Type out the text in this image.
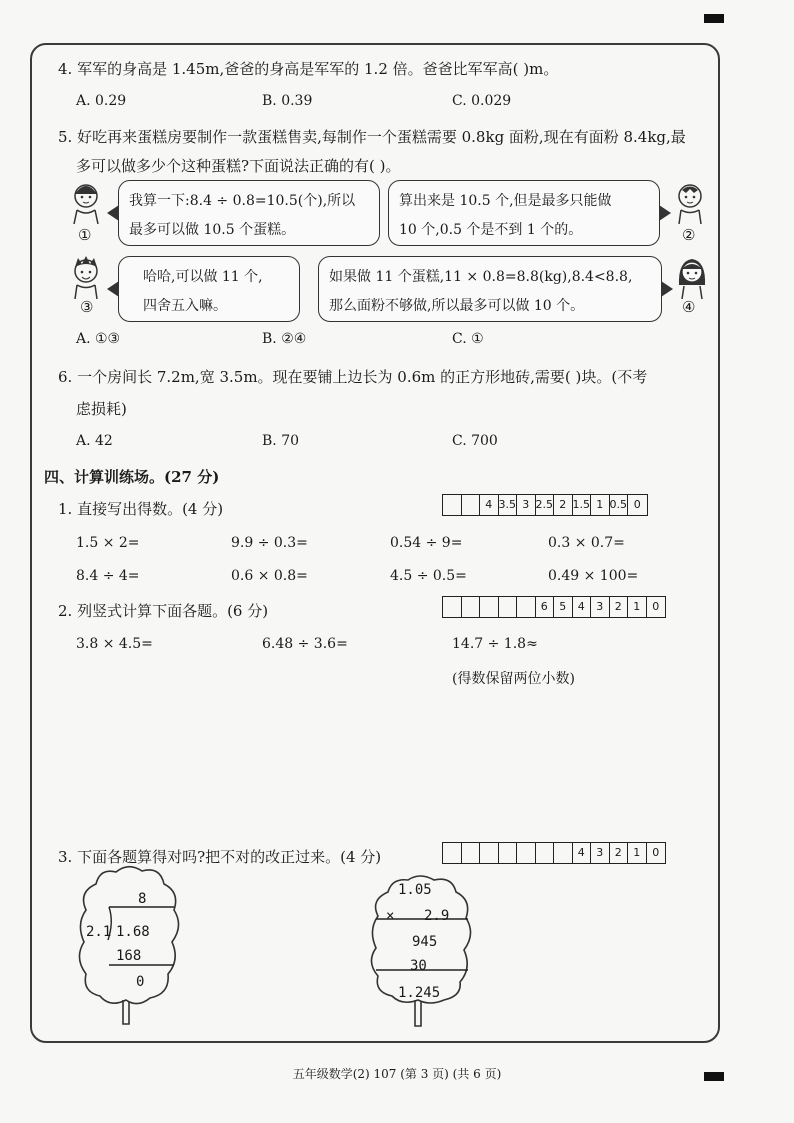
4. 军军的身高是 1.45m,爸爸的身高是军军的 1.2 倍。爸爸比军军高( )m。
A. 0.29	B. 0.39	C. 0.029
5. 好吃再来蛋糕房要制作一款蛋糕售卖,每制作一个蛋糕需要 0.8kg 面粉,现在有面粉 8.4kg,最
多可以做多少个这种蛋糕?下面说法正确的有( )。
①	②
③	④
我算一下:8.4 ÷ 0.8=10.5(个),所以
最多可以做 10.5 个蛋糕。
算出来是 10.5 个,但是最多只能做
10 个,0.5 个是不到 1 个的。
哈哈,可以做 11 个,
四舍五入嘛。
如果做 11 个蛋糕,11 × 0.8=8.8(kg),8.4<8.8,
那么面粉不够做,所以最多可以做 10 个。
A. ①③	B. ②④	C. ①
6. 一个房间长 7.2m,宽 3.5m。现在要铺上边长为 0.6m 的正方形地砖,需要( )块。(不考
虑损耗)
A. 42	B. 70	C. 700
四、计算训练场。(27 分)
1. 直接写出得数。(4 分)	4 3.5 3 2.5 2 1.5 1 0.5 0
1.5 × 2=	9.9 ÷ 0.3=	0.54 ÷ 9=	0.3 × 0.7=
8.4 ÷ 4=	0.6 × 0.8=	4.5 ÷ 0.5=	0.49 × 100=
2. 列竖式计算下面各题。(6 分)	6	5	4	3	2	1	0
3.8 × 4.5=	6.48 ÷ 3.6=	14.7 ÷ 1.8≈
(得数保留两位小数)
3. 下面各题算得对吗?把不对的改正过来。(4 分)	4	3	2	1	0
8
2.1 1.68
168
0
1.05
× 2.9
945
30
1.245
五年级数学(2) 107 (第 3 页) (共 6 页)
